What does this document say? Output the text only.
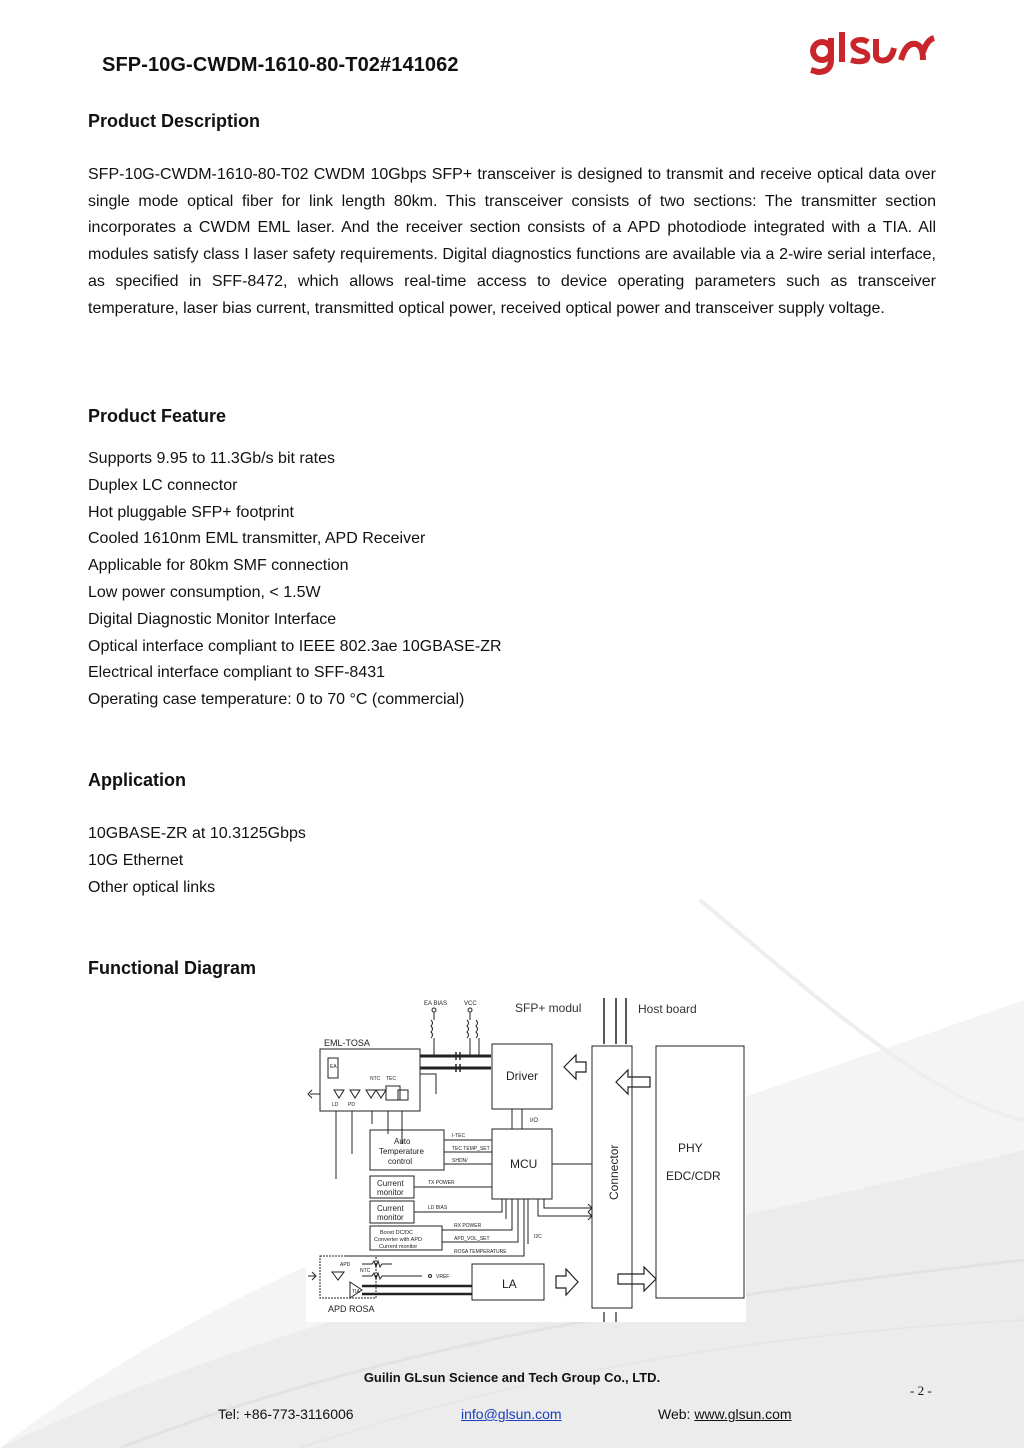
SFP-10G-CWDM-1610-80-T02#141062
Product Description
SFP-10G-CWDM-1610-80-T02 CWDM 10Gbps SFP+ transceiver is designed to transmit and receive optical data over single mode optical fiber for link length 80km. This transceiver consists of two sections: The transmitter section incorporates a CWDM EML laser. And the receiver section consists of a APD photodiode integrated with a TIA. All modules satisfy class I laser safety requirements. Digital diagnostics functions are available via a 2-wire serial interface, as specified in SFF-8472, which allows real-time access to device operating parameters such as transceiver temperature, laser bias current, transmitted optical power, received optical power and transceiver supply voltage.
Product Feature
Supports 9.95 to 11.3Gb/s bit rates
Duplex LC connector
Hot pluggable SFP+ footprint
Cooled 1610nm EML transmitter, APD Receiver
Applicable for 80km SMF connection
Low power consumption, < 1.5W
Digital Diagnostic Monitor Interface
Optical interface compliant to IEEE 802.3ae 10GBASE-ZR
Electrical interface compliant to SFF-8431
Operating case temperature: 0 to 70 °C (commercial)
Application
10GBASE-ZR at 10.3125Gbps
10G Ethernet
Other optical links
Functional Diagram
EA BIAS	VCC	SFP+ modul	Host board
EML-TOSA
EA
NTC TEC
LD PD
Driver
I/O
Auto
Temperature
control
I-TEC
TEC TEMP_SET
SHDN/	MCU
Current
monitor
TX POWER
Current
monitor
LD BIAS
Boost DC/DC
Converter with APD
Current monitor
RX POWER
APD_VOL_SET
ROSA TEMPERATURE
I2C
APD
NTC
VREF
TIA
APD ROSA
LA
Connector	PHY
EDC/CDR
Guilin GLsun Science and Tech Group Co., LTD.
- 2 -
Tel: +86-773-3116006	info@glsun.com	Web: www.glsun.com
